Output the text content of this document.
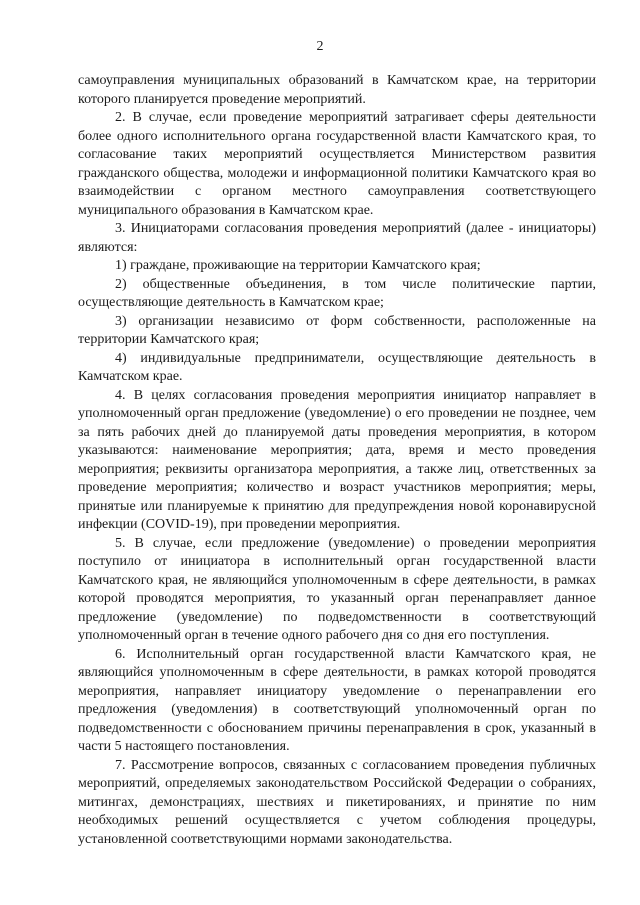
2

самоуправления муниципальных образований в Камчатском крае, на территории которого планируется проведение мероприятий.

2. В случае, если проведение мероприятий затрагивает сферы деятельности более одного исполнительного органа государственной власти Камчатского края, то согласование таких мероприятий осуществляется Министерством развития гражданского общества, молодежи и информационной политики Камчатского края во взаимодействии с органом местного самоуправления соответствующего муниципального образования в Камчатском крае.

3. Инициаторами согласования проведения мероприятий (далее - инициаторы) являются:

1) граждане, проживающие на территории Камчатского края;

2) общественные объединения, в том числе политические партии, осуществляющие деятельность в Камчатском крае;

3) организации независимо от форм собственности, расположенные на территории Камчатского края;

4) индивидуальные предприниматели, осуществляющие деятельность в Камчатском крае.

4. В целях согласования проведения мероприятия инициатор направляет в уполномоченный орган предложение (уведомление) о его проведении не позднее, чем за пять рабочих дней до планируемой даты проведения мероприятия, в котором указываются: наименование мероприятия; дата, время и место проведения мероприятия; реквизиты организатора мероприятия, а также лиц, ответственных за проведение мероприятия; количество и возраст участников мероприятия; меры, принятые или планируемые к принятию для предупреждения новой коронавирусной инфекции (COVID-19), при проведении мероприятия.

5. В случае, если предложение (уведомление) о проведении мероприятия поступило от инициатора в исполнительный орган государственной власти Камчатского края, не являющийся уполномоченным в сфере деятельности, в рамках которой проводятся мероприятия, то указанный орган перенаправляет данное предложение (уведомление) по подведомственности в соответствующий уполномоченный орган в течение одного рабочего дня со дня его поступления.

6. Исполнительный орган государственной власти Камчатского края, не являющийся уполномоченным в сфере деятельности, в рамках которой проводятся мероприятия, направляет инициатору уведомление о перенаправлении его предложения (уведомления) в соответствующий уполномоченный орган по подведомственности с обоснованием причины перенаправления в срок, указанный в части 5 настоящего постановления.

7. Рассмотрение вопросов, связанных с согласованием проведения публичных мероприятий, определяемых законодательством Российской Федерации о собраниях, митингах, демонстрациях, шествиях и пикетированиях, и принятие по ним необходимых решений осуществляется с учетом соблюдения процедуры, установленной соответствующими нормами законодательства.
